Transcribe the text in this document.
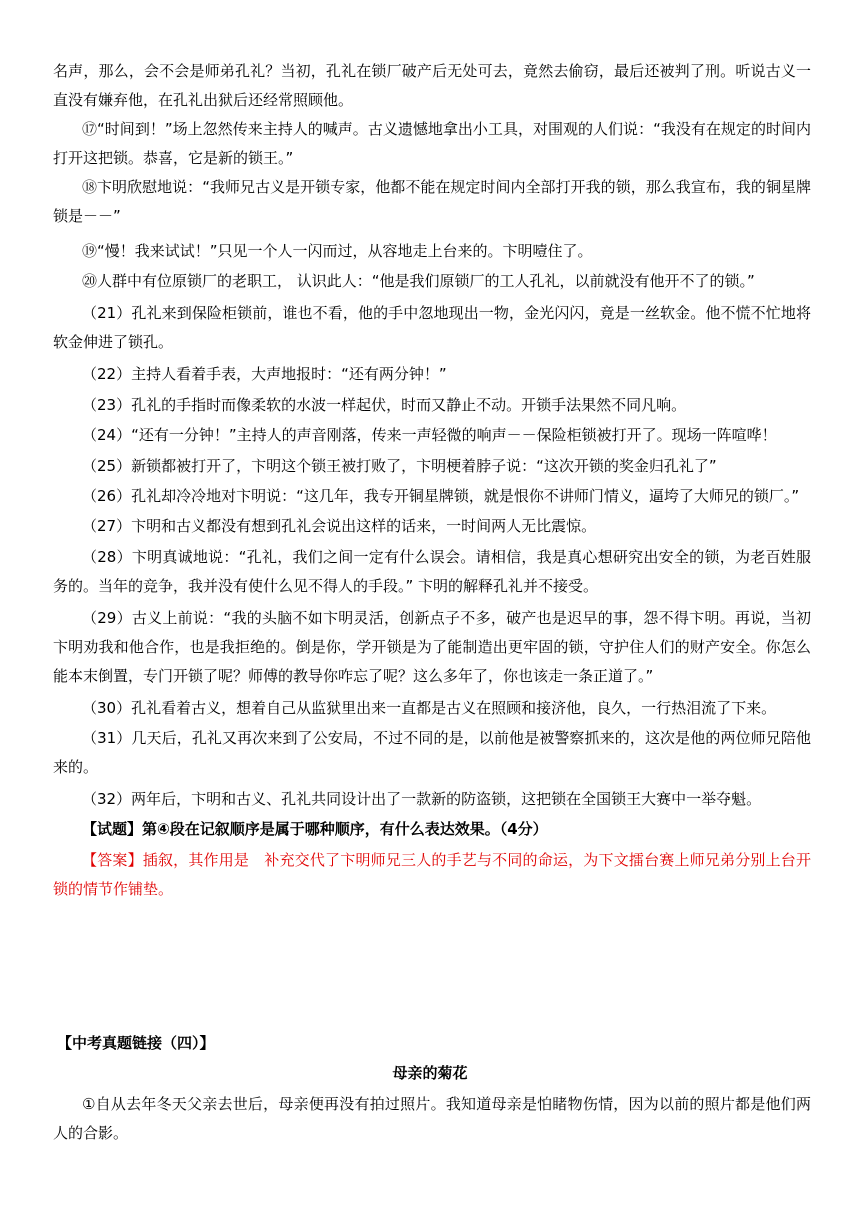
名声，那么，会不会是师弟孔礼？当初，孔礼在锁厂破产后无处可去，竟然去偷窃，最后还被判了刑。听说古义一直没有嫌弃他，在孔礼出狱后还经常照顾他。
⑰“时间到！”场上忽然传来主持人的喊声。古义遗憾地拿出小工具，对围观的人们说：“我没有在规定的时间内打开这把锁。恭喜，它是新的锁王。”
⑱卞明欣慰地说：“我师兄古义是开锁专家，他都不能在规定时间内全部打开我的锁，那么我宣布，我的铜星牌锁是－－”
⑲“慢！我来试试！”只见一个人一闪而过，从容地走上台来的。卞明噎住了。
⑳人群中有位原锁厂的老职工， 认识此人：“他是我们原锁厂的工人孔礼，以前就没有他开不了的锁。”
（21）孔礼来到保险柜锁前，谁也不看，他的手中忽地现出一物，金光闪闪，竟是一丝软金。他不慌不忙地将软金伸进了锁孔。
（22）主持人看着手表，大声地报时：“还有两分钟！”
（23）孔礼的手指时而像柔软的水波一样起伏，时而又静止不动。开锁手法果然不同凡响。
（24）“还有一分钟！”主持人的声音刚落，传来一声轻微的响声－－保险柜锁被打开了。现场一阵喧哗！
（25）新锁都被打开了，卞明这个锁王被打败了，卞明梗着脖子说：“这次开锁的奖金归孔礼了”
（26）孔礼却冷冷地对卞明说：“这几年，我专开铜星牌锁，就是恨你不讲师门情义，逼垮了大师兄的锁厂。”
（27）卞明和古义都没有想到孔礼会说出这样的话来，一时间两人无比震惊。
（28）卞明真诚地说：“孔礼，我们之间一定有什么误会。请相信，我是真心想研究出安全的锁，为老百姓服务的。当年的竞争，我并没有使什么见不得人的手段。” 卞明的解释孔礼并不接受。
（29）古义上前说：“我的头脑不如卞明灵活，创新点子不多，破产也是迟早的事，怨不得卞明。再说，当初卞明劝我和他合作，也是我拒绝的。倒是你，学开锁是为了能制造出更牢固的锁，守护住人们的财产安全。你怎么能本末倒置，专门开锁了呢？师傅的教导你咋忘了呢？这么多年了，你也该走一条正道了。”
（30）孔礼看着古义，想着自己从监狱里出来一直都是古义在照顾和接济他，良久，一行热泪流了下来。
（31）几天后，孔礼又再次来到了公安局，不过不同的是，以前他是被警察抓来的，这次是他的两位师兄陪他来的。
（32）两年后，卞明和古义、孔礼共同设计出了一款新的防盗锁，这把锁在全国锁王大赛中一举夺魁。
【试题】第④段在记叙顺序是属于哪种顺序，有什么表达效果。（4分）
【答案】插叙，其作用是　补充交代了卞明师兄三人的手艺与不同的命运，为下文擂台赛上师兄弟分别上台开锁的情节作铺垫。
【中考真题链接（四）】
母亲的菊花
①自从去年冬天父亲去世后，母亲便再没有拍过照片。我知道母亲是怕睹物伤情，因为以前的照片都是他们两人的合影。
